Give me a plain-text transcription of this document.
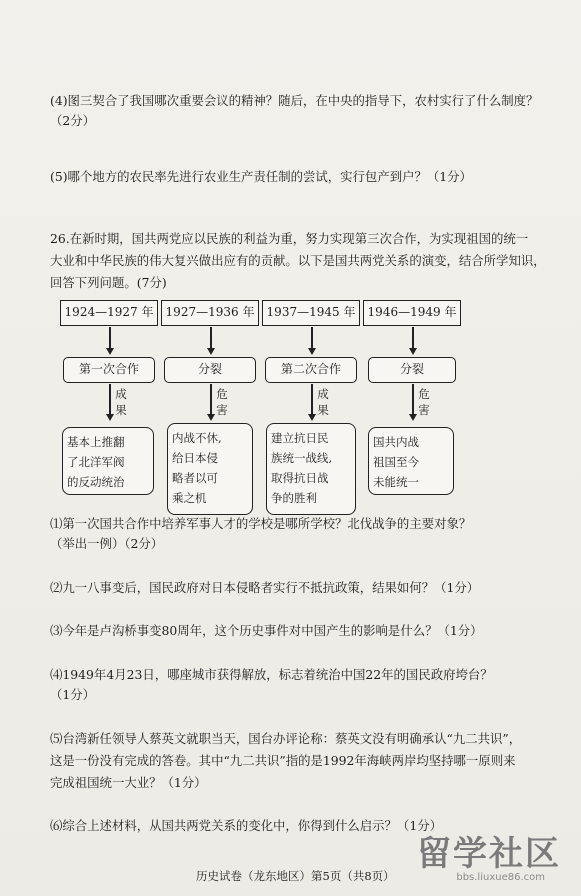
(4)图三契合了我国哪次重要会议的精神？随后，在中央的指导下，农村实行了什么制度？
（2分）
(5)哪个地方的农民率先进行农业生产责任制的尝试，实行包产到户？（1分）
26.在新时期，国共两党应以民族的利益为重，努力实现第三次合作，为实现祖国的统一
大业和中华民族的伟大复兴做出应有的贡献。以下是国共两党关系的演变，结合所学知识，
回答下列问题。(7分)
1924—1927 年	1927—1936 年	1937—1945 年	1946—1949 年
第一次合作	分裂	第二次合作	分裂
成
果
危
害
成
果
危
害
基本上推翻
了北洋军阀
的反动统治
内战不休,
给日本侵
略者以可
乘之机
建立抗日民
族统一战线,
取得抗日战
争的胜利
国共内战
祖国至今
未能统一
⑴第一次国共合作中培养军事人才的学校是哪所学校？北伐战争的主要对象？
（举出一例）（2分）
⑵九一八事变后，国民政府对日本侵略者实行不抵抗政策，结果如何？（1分）
⑶今年是卢沟桥事变80周年，这个历史事件对中国产生的影响是什么？（1分）
⑷1949年4月23日，哪座城市获得解放，标志着统治中国22年的国民政府垮台？
（1分）
⑸台湾新任领导人蔡英文就职当天，国台办评论称：蔡英文没有明确承认“九二共识”，
这是一份没有完成的答卷。其中“九二共识”指的是1992年海峡两岸均坚持哪一原则来
完成祖国统一大业？（1分）
⑹综合上述材料，从国共两党关系的变化中，你得到什么启示？（1分）
历史试卷（龙东地区）第5页（共8页）
留学社区
bbs.liuxue86.com
